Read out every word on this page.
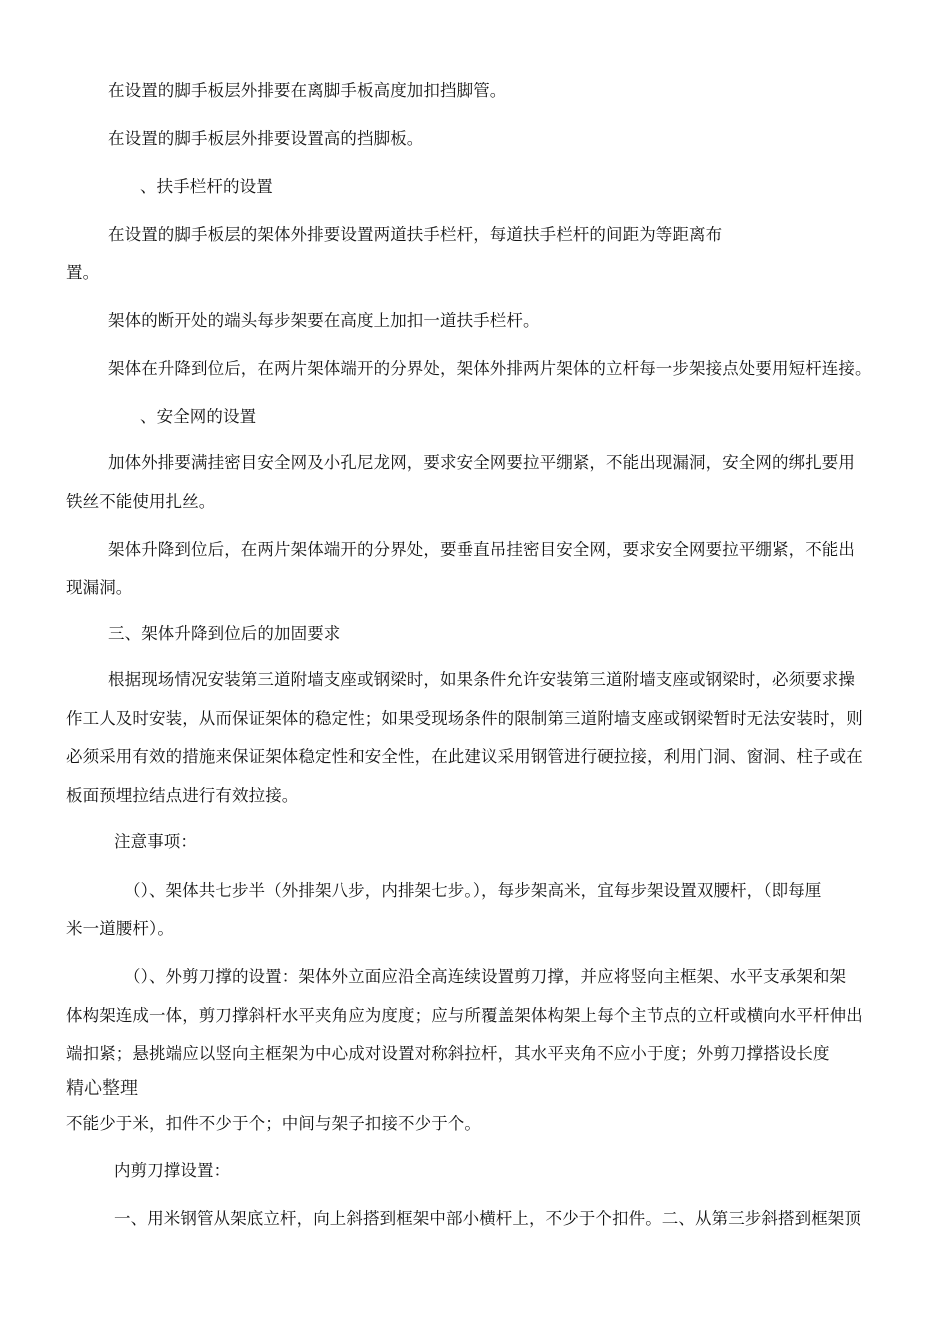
在设置的脚手板层外排要在离脚手板高度加扣挡脚管。
在设置的脚手板层外排要设置高的挡脚板。
、扶手栏杆的设置
在设置的脚手板层的架体外排要设置两道扶手栏杆，每道扶手栏杆的间距为等距离布
置。
架体的断开处的端头每步架要在高度上加扣一道扶手栏杆。
架体在升降到位后，在两片架体端开的分界处，架体外排两片架体的立杆每一步架接点处要用短杆连接。
、安全网的设置
加体外排要满挂密目安全网及小孔尼龙网，要求安全网要拉平绷紧，不能出现漏洞，安全网的绑扎要用
铁丝不能使用扎丝。
架体升降到位后，在两片架体端开的分界处，要垂直吊挂密目安全网，要求安全网要拉平绷紧，不能出
现漏洞。
三、架体升降到位后的加固要求
根据现场情况安装第三道附墙支座或钢梁时，如果条件允许安装第三道附墙支座或钢梁时，必须要求操
作工人及时安装，从而保证架体的稳定性；如果受现场条件的限制第三道附墙支座或钢梁暂时无法安装时，则
必须采用有效的措施来保证架体稳定性和安全性，在此建议采用钢管进行硬拉接，利用门洞、窗洞、柱子或在
板面预埋拉结点进行有效拉接。
注意事项：
（）、架体共七步半（外排架八步，内排架七步。），每步架高米，宜每步架设置双腰杆，（即每厘
米一道腰杆）。
（）、外剪刀撑的设置：架体外立面应沿全高连续设置剪刀撑，并应将竖向主框架、水平支承架和架
体构架连成一体，剪刀撑斜杆水平夹角应为度度；应与所覆盖架体构架上每个主节点的立杆或横向水平杆伸出
端扣紧；悬挑端应以竖向主框架为中心成对设置对称斜拉杆，其水平夹角不应小于度；外剪刀撑搭设长度
精心整理
不能少于米，扣件不少于个；中间与架子扣接不少于个。
内剪刀撑设置：
一、用米钢管从架底立杆，向上斜搭到框架中部小横杆上，不少于个扣件。二、从第三步斜搭到框架顶
